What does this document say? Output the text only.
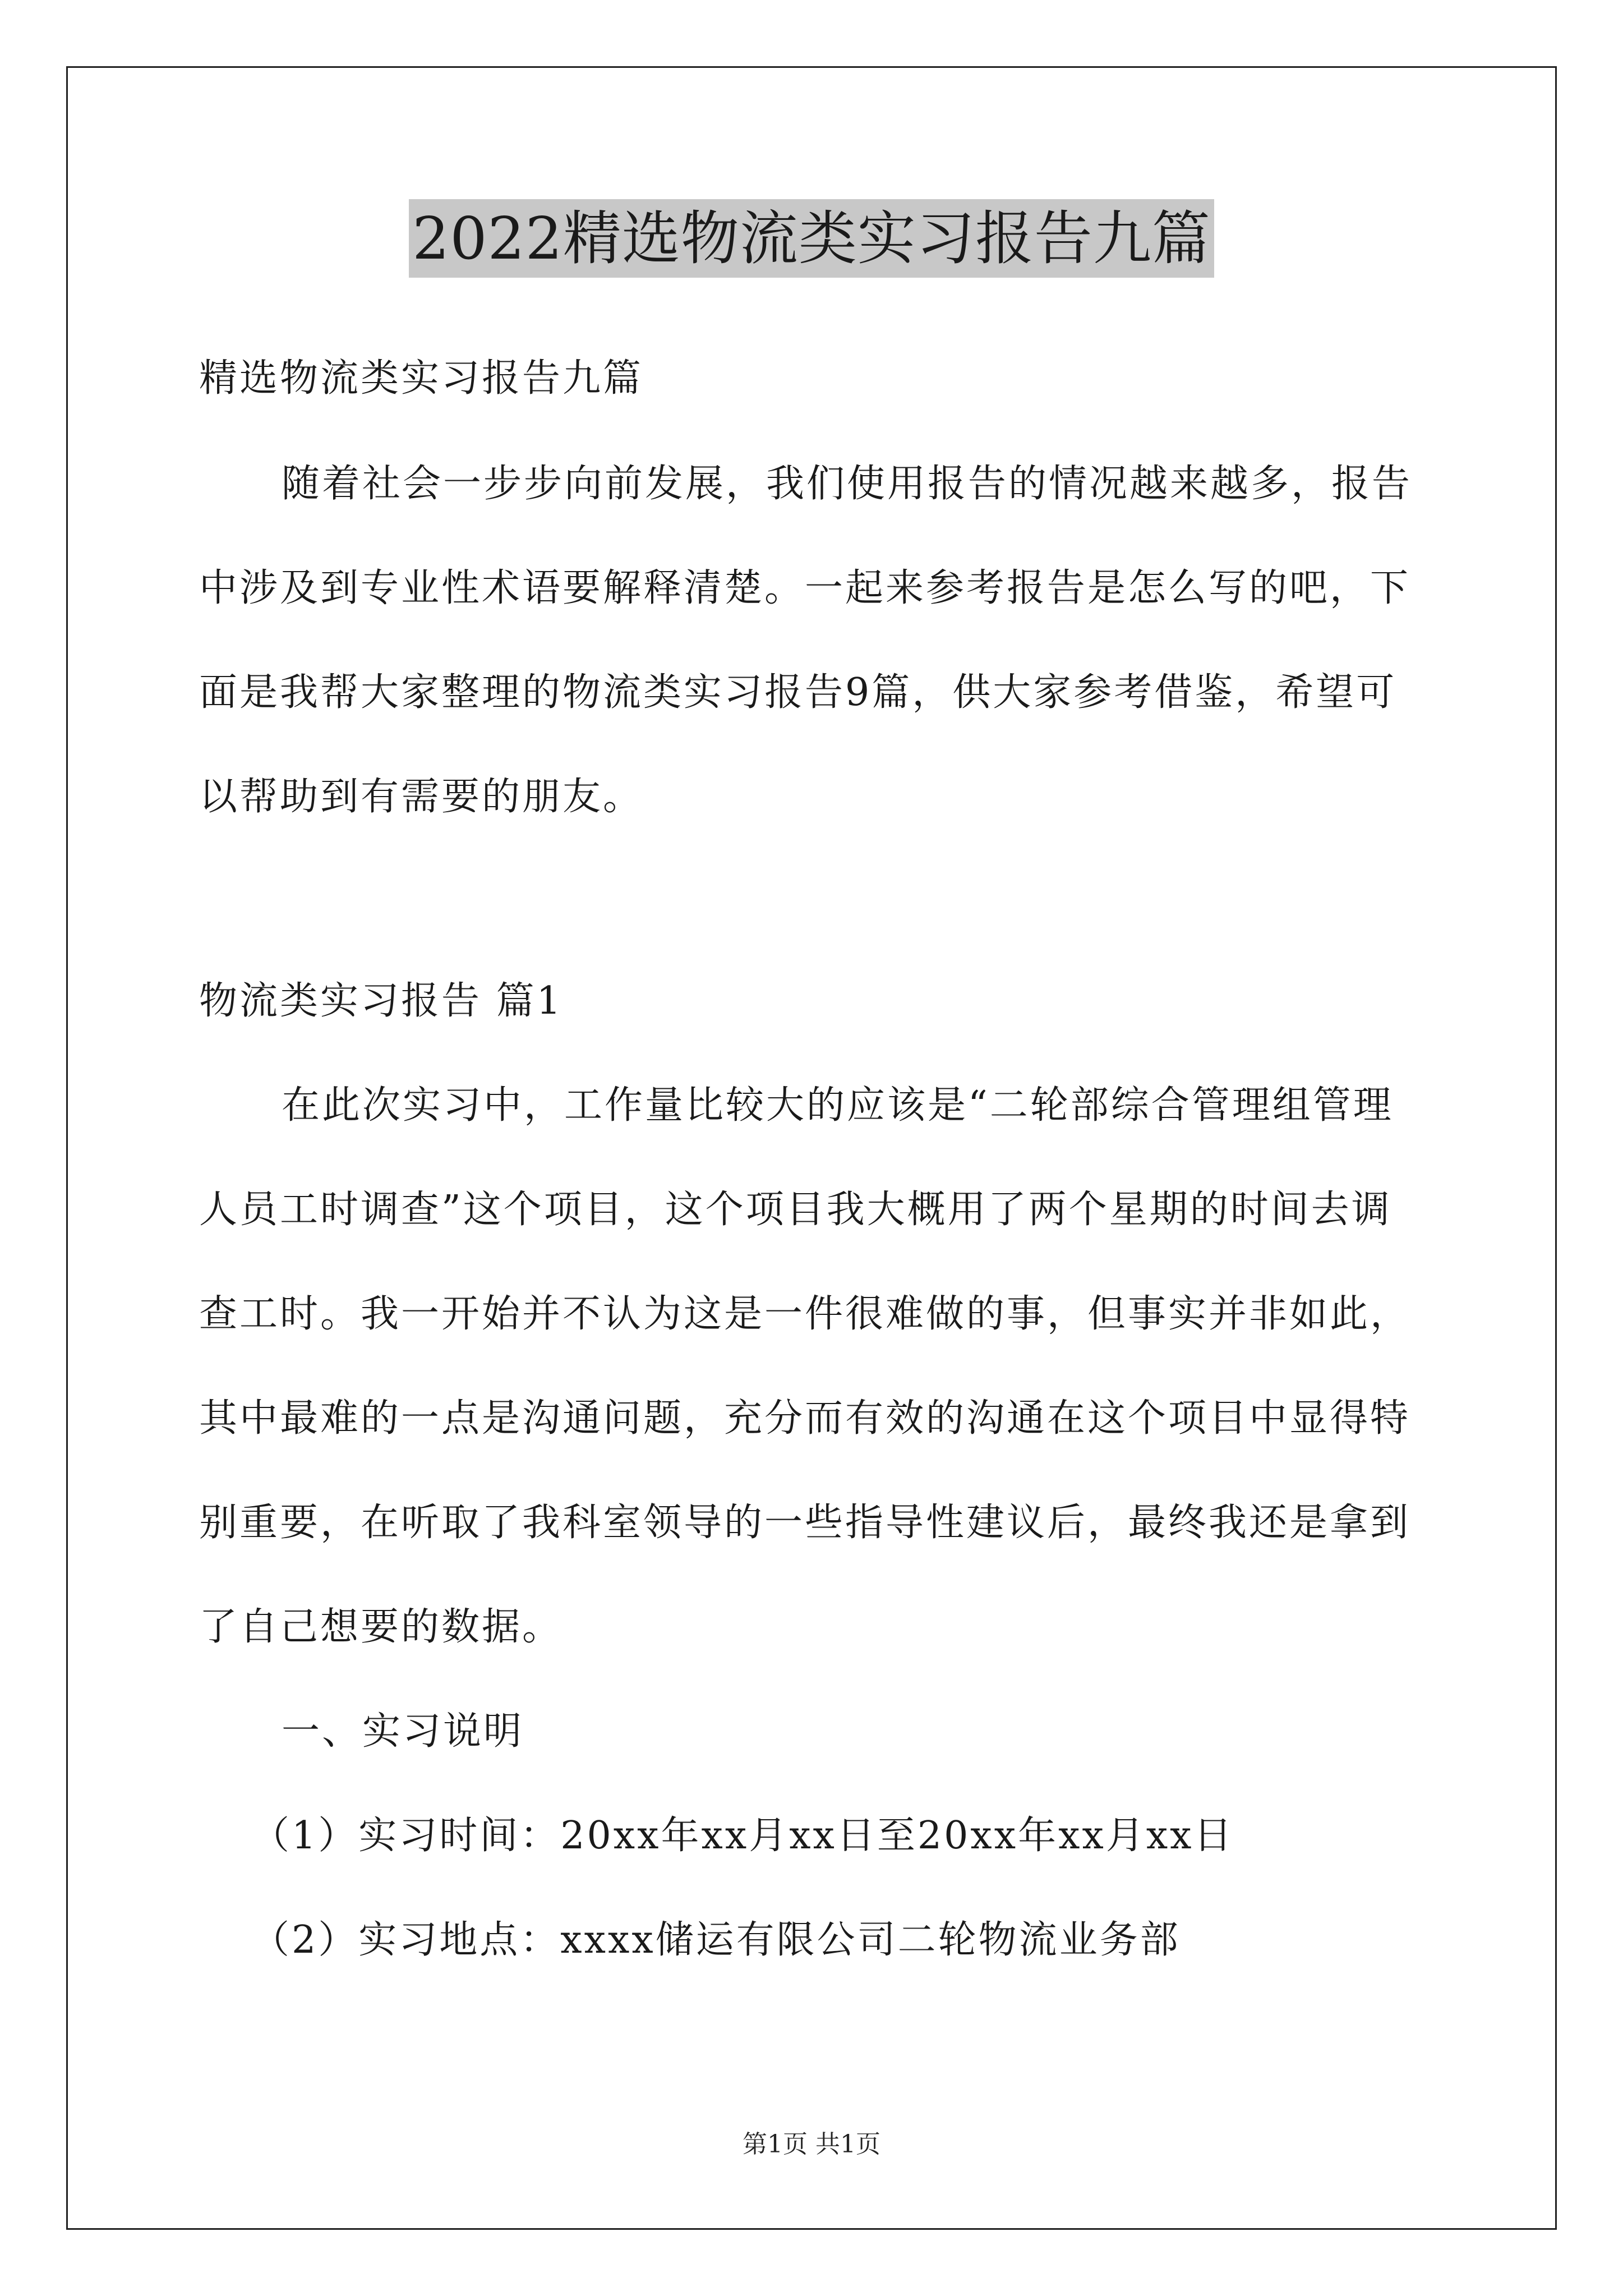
2022精选物流类实习报告九篇
精选物流类实习报告九篇
随着社会一步步向前发展，我们使用报告的情况越来越多，报告
中涉及到专业性术语要解释清楚。一起来参考报告是怎么写的吧，下
面是我帮大家整理的物流类实习报告9篇，供大家参考借鉴，希望可
以帮助到有需要的朋友。
物流类实习报告 篇1
在此次实习中，工作量比较大的应该是“二轮部综合管理组管理
人员工时调查”这个项目，这个项目我大概用了两个星期的时间去调
查工时。我一开始并不认为这是一件很难做的事，但事实并非如此，
其中最难的一点是沟通问题，充分而有效的沟通在这个项目中显得特
别重要，在听取了我科室领导的一些指导性建议后，最终我还是拿到
了自己想要的数据。
一、实习说明
（1）实习时间：20xx年xx月xx日至20xx年xx月xx日
（2）实习地点：xxxx储运有限公司二轮物流业务部
第1页 共1页
